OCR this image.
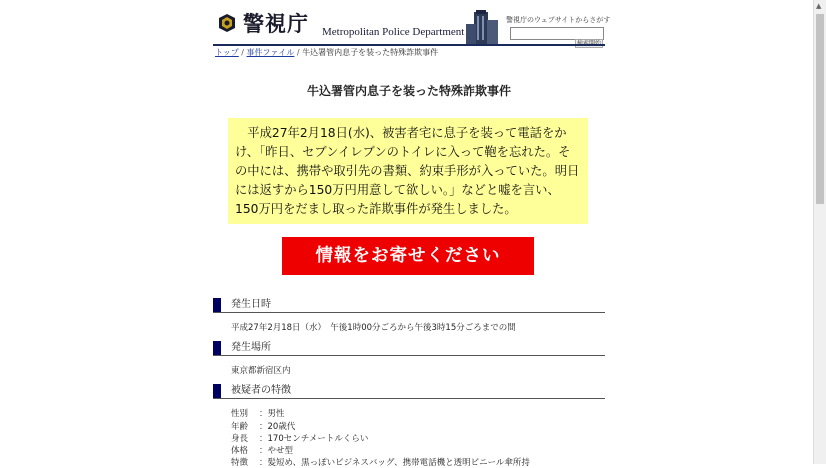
▲
警視庁 Metropolitan Police Department
警視庁のウェブサイトからさがす
トップ / 事件ファイル / 牛込署管内息子を装った特殊詐欺事件
牛込署管内息子を装った特殊詐欺事件
平成27年2月18日(水)、被害者宅に息子を装って電話をかけ、「昨日、セブンイレブンのトイレに入って鞄を忘れた。その中には、携帯や取引先の書類、約束手形が入っていた。明日には返すから150万円用意して欲しい。」などと嘘を言い、150万円をだまし取った詐欺事件が発生しました。
情報をお寄せください
発生日時
平成27年2月18日（水）　午後1時00分ごろから午後3時15分ごろまでの間
発生場所
東京都新宿区内
被疑者の特徴
性別 ：男性
年齢 ：20歳代
身長 ：170センチメートルくらい
体格 ：やせ型
特徴 ：髪短め、黒っぽいビジネスバッグ、携帯電話機と透明ビニール傘所持
